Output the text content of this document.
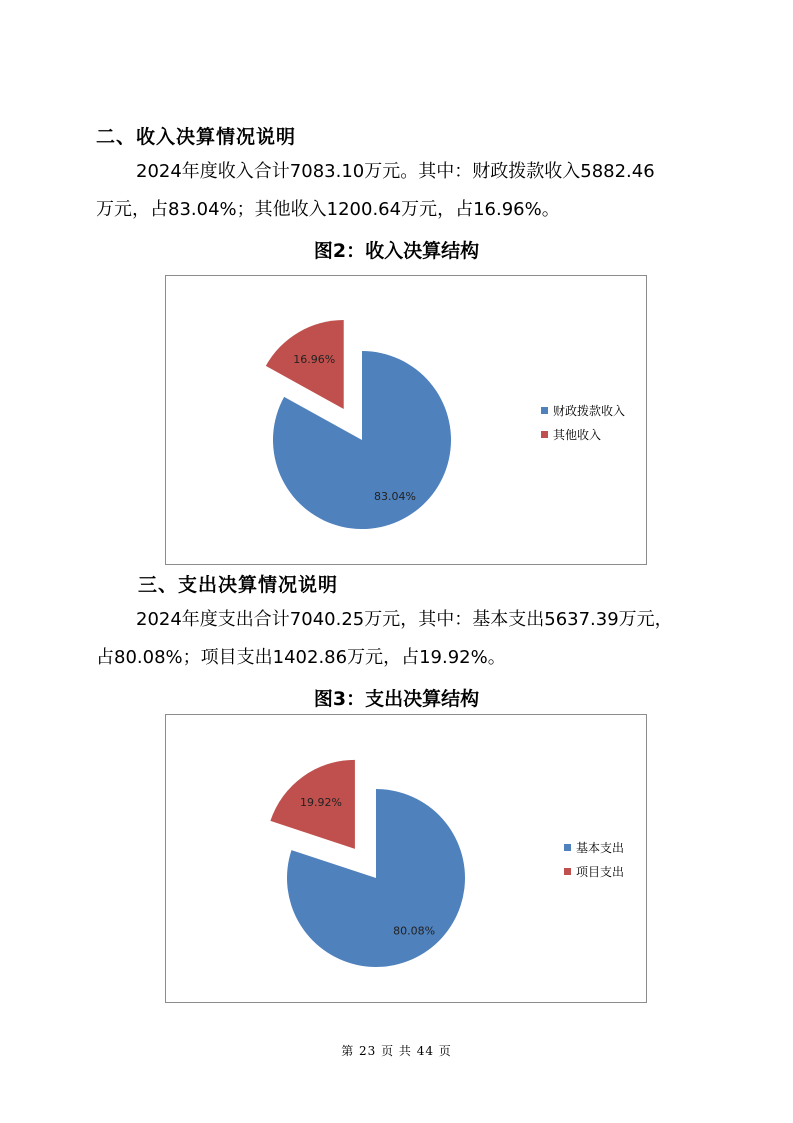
二、收入决算情况说明
2024年度收入合计7083.10万元。其中：财政拨款收入5882.46
万元，占83.04%；其他收入1200.64万元，占16.96%。
图2：收入决算结构
16.96%
83.04%
财政拨款收入
其他收入
三、支出决算情况说明
2024年度支出合计7040.25万元，其中：基本支出5637.39万元，
占80.08%；项目支出1402.86万元，占19.92%。
图3：支出决算结构
19.92%
80.08%
基本支出
项目支出
第 23 页 共 44 页
